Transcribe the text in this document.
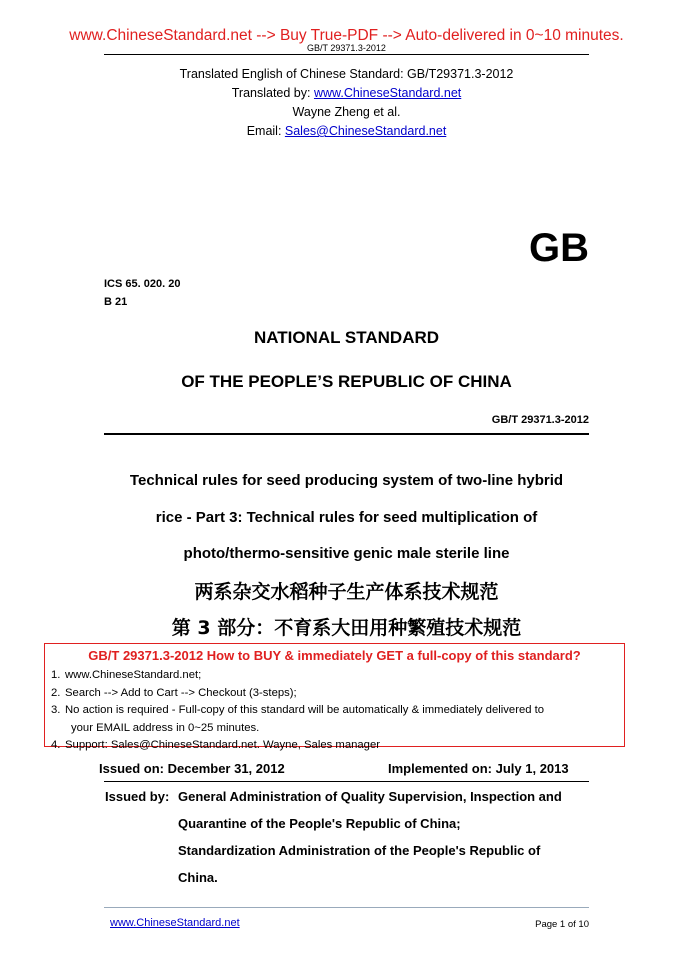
www.ChineseStandard.net --> Buy True-PDF --> Auto-delivered in 0~10 minutes.
GB/T 29371.3-2012
Translated English of Chinese Standard: GB/T29371.3-2012
Translated by: www.ChineseStandard.net
Wayne Zheng et al.
Email: Sales@ChineseStandard.net
GB
ICS 65. 020. 20
B 21
NATIONAL STANDARD
OF THE PEOPLE’S REPUBLIC OF CHINA
GB/T 29371.3-2012
Technical rules for seed producing system of two-line hybrid
rice - Part 3: Technical rules for seed multiplication of
photo/thermo-sensitive genic male sterile line
两系杂交水稻种子生产体系技术规范
第 3 部分：不育系大田用种繁殖技术规范
GB/T 29371.3-2012 How to BUY & immediately GET a full-copy of this standard?
1. www.ChineseStandard.net;
2. Search --> Add to Cart --> Checkout (3-steps);
3. No action is required - Full-copy of this standard will be automatically & immediately delivered to
your EMAIL address in 0~25 minutes.
4. Support: Sales@ChineseStandard.net. Wayne, Sales manager
Issued on: December 31, 2012	Implemented on: July 1, 2013
Issued by: General Administration of Quality Supervision, Inspection and
Quarantine of the People's Republic of China;
Standardization Administration of the People's Republic of
China.
www.ChineseStandard.net	Page 1 of 10
